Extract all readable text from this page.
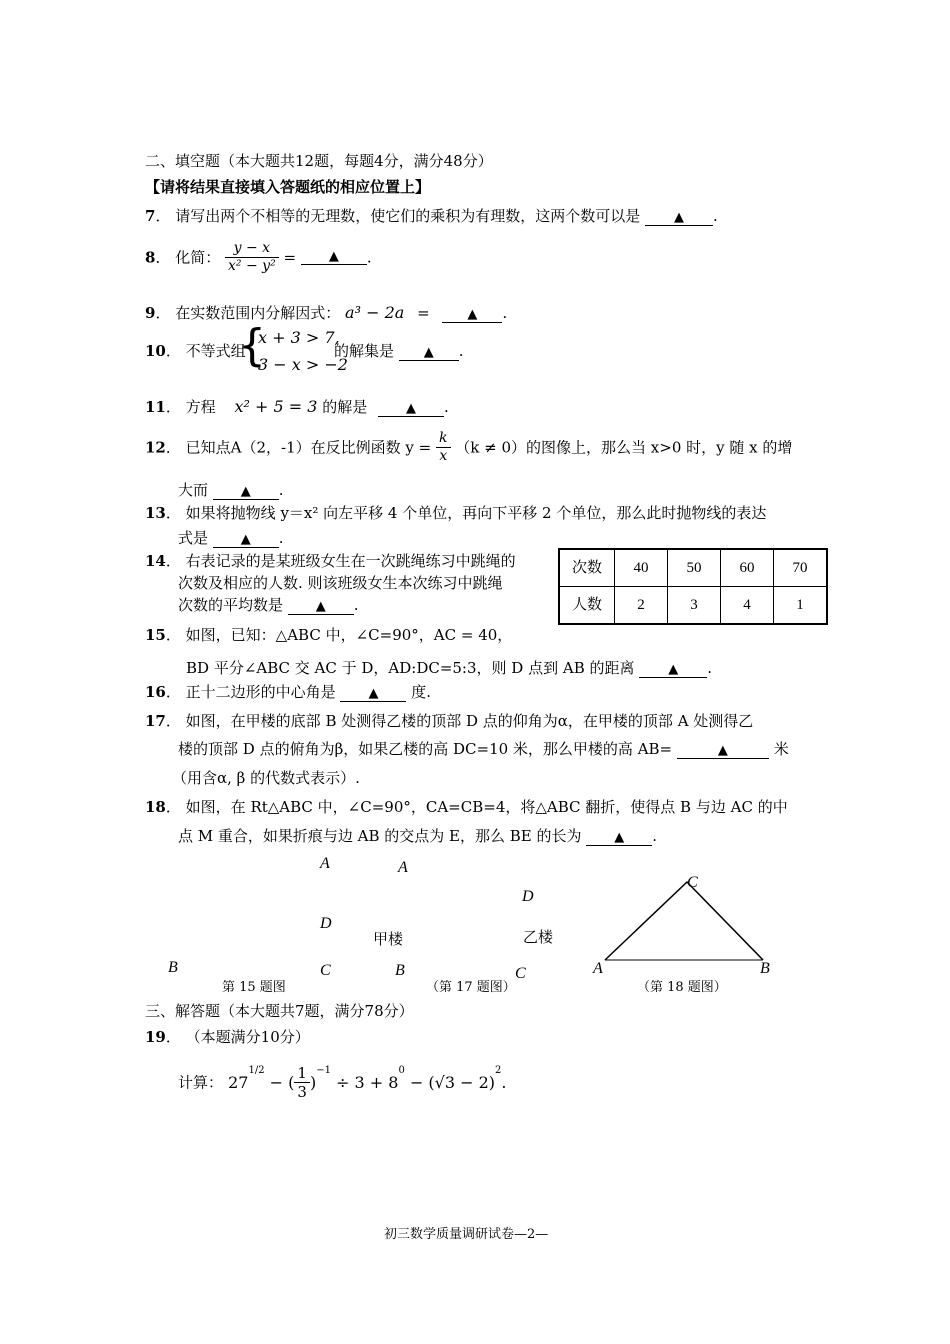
二、填空题（本大题共12题，每题4分，满分48分）
【请将结果直接填入答题纸的相应位置上】
7． 请写出两个不相等的无理数，使它们的乘积为有理数，这两个数可以是	▲ .
8． 化简： $\frac{y - x}{\text{x² − y²}}$ =	▲ .
9． 在实数范围内分解因式： a³ − 2a =	▲ .
10． 不等式组
{
x + 3 > 7,
3 − x > −2
的解集是 ▲ .
11． 方程 x² + 5 = 3 的解是	▲ .
12． 已知点A（2，-1）在反比例函数 $y = \frac{k}{x} (k \ne 0)$的图像上，那么当 x>0 时，y 随 x 的增
大而	▲ .
13． 如果将抛物线 y＝x² 向左平移 4 个单位，再向下平移 2 个单位，那么此时抛物线的表达
式是	▲ .
14． 右表记录的是某班级女生在一次跳绳练习中跳绳的
次数及相应的人数. 则该班级女生本次练习中跳绳
次数的平均数是	▲ .
次数	40	50	60	70
人数	2	3	4	1
15． 如图，已知：△ABC 中，∠C=90°，AC = 40，
BD 平分∠ABC 交 AC 于 D，AD:DC=5:3，则 D 点到 AB 的距离	▲ .
16． 正十二边形的中心角是	▲ 度.
17． 如图，在甲楼的底部 B 处测得乙楼的顶部 D 点的仰角为α，在甲楼的顶部 A 处测得乙
楼的顶部 D 点的俯角为β，如果乙楼的高 DC=10 米，那么甲楼的高 AB=	▲	米
（用含α, β 的代数式表示）.
18． 如图，在 Rt△ABC 中，∠C=90°，CA=CB=4，将△ABC 翻折，使得点 B 与边 AC 的中
点 M 重合，如果折痕与边 AB 的交点为 E，那么 BE 的长为	▲ .
A
D
B	C
第 15 题图
A
甲楼
B
D
乙楼
C
（第 17 题图）
C
A	B
（第 18 题图）
三、解答题（本大题共7题，满分78分）
19． （本题满分10分）
计算： $27^{1/2}$ − ( $\frac{1}{3} )^{-1} \div 3 + 8^0 - (√3 - 2)^2$.
初三数学质量调研试卷—2—
